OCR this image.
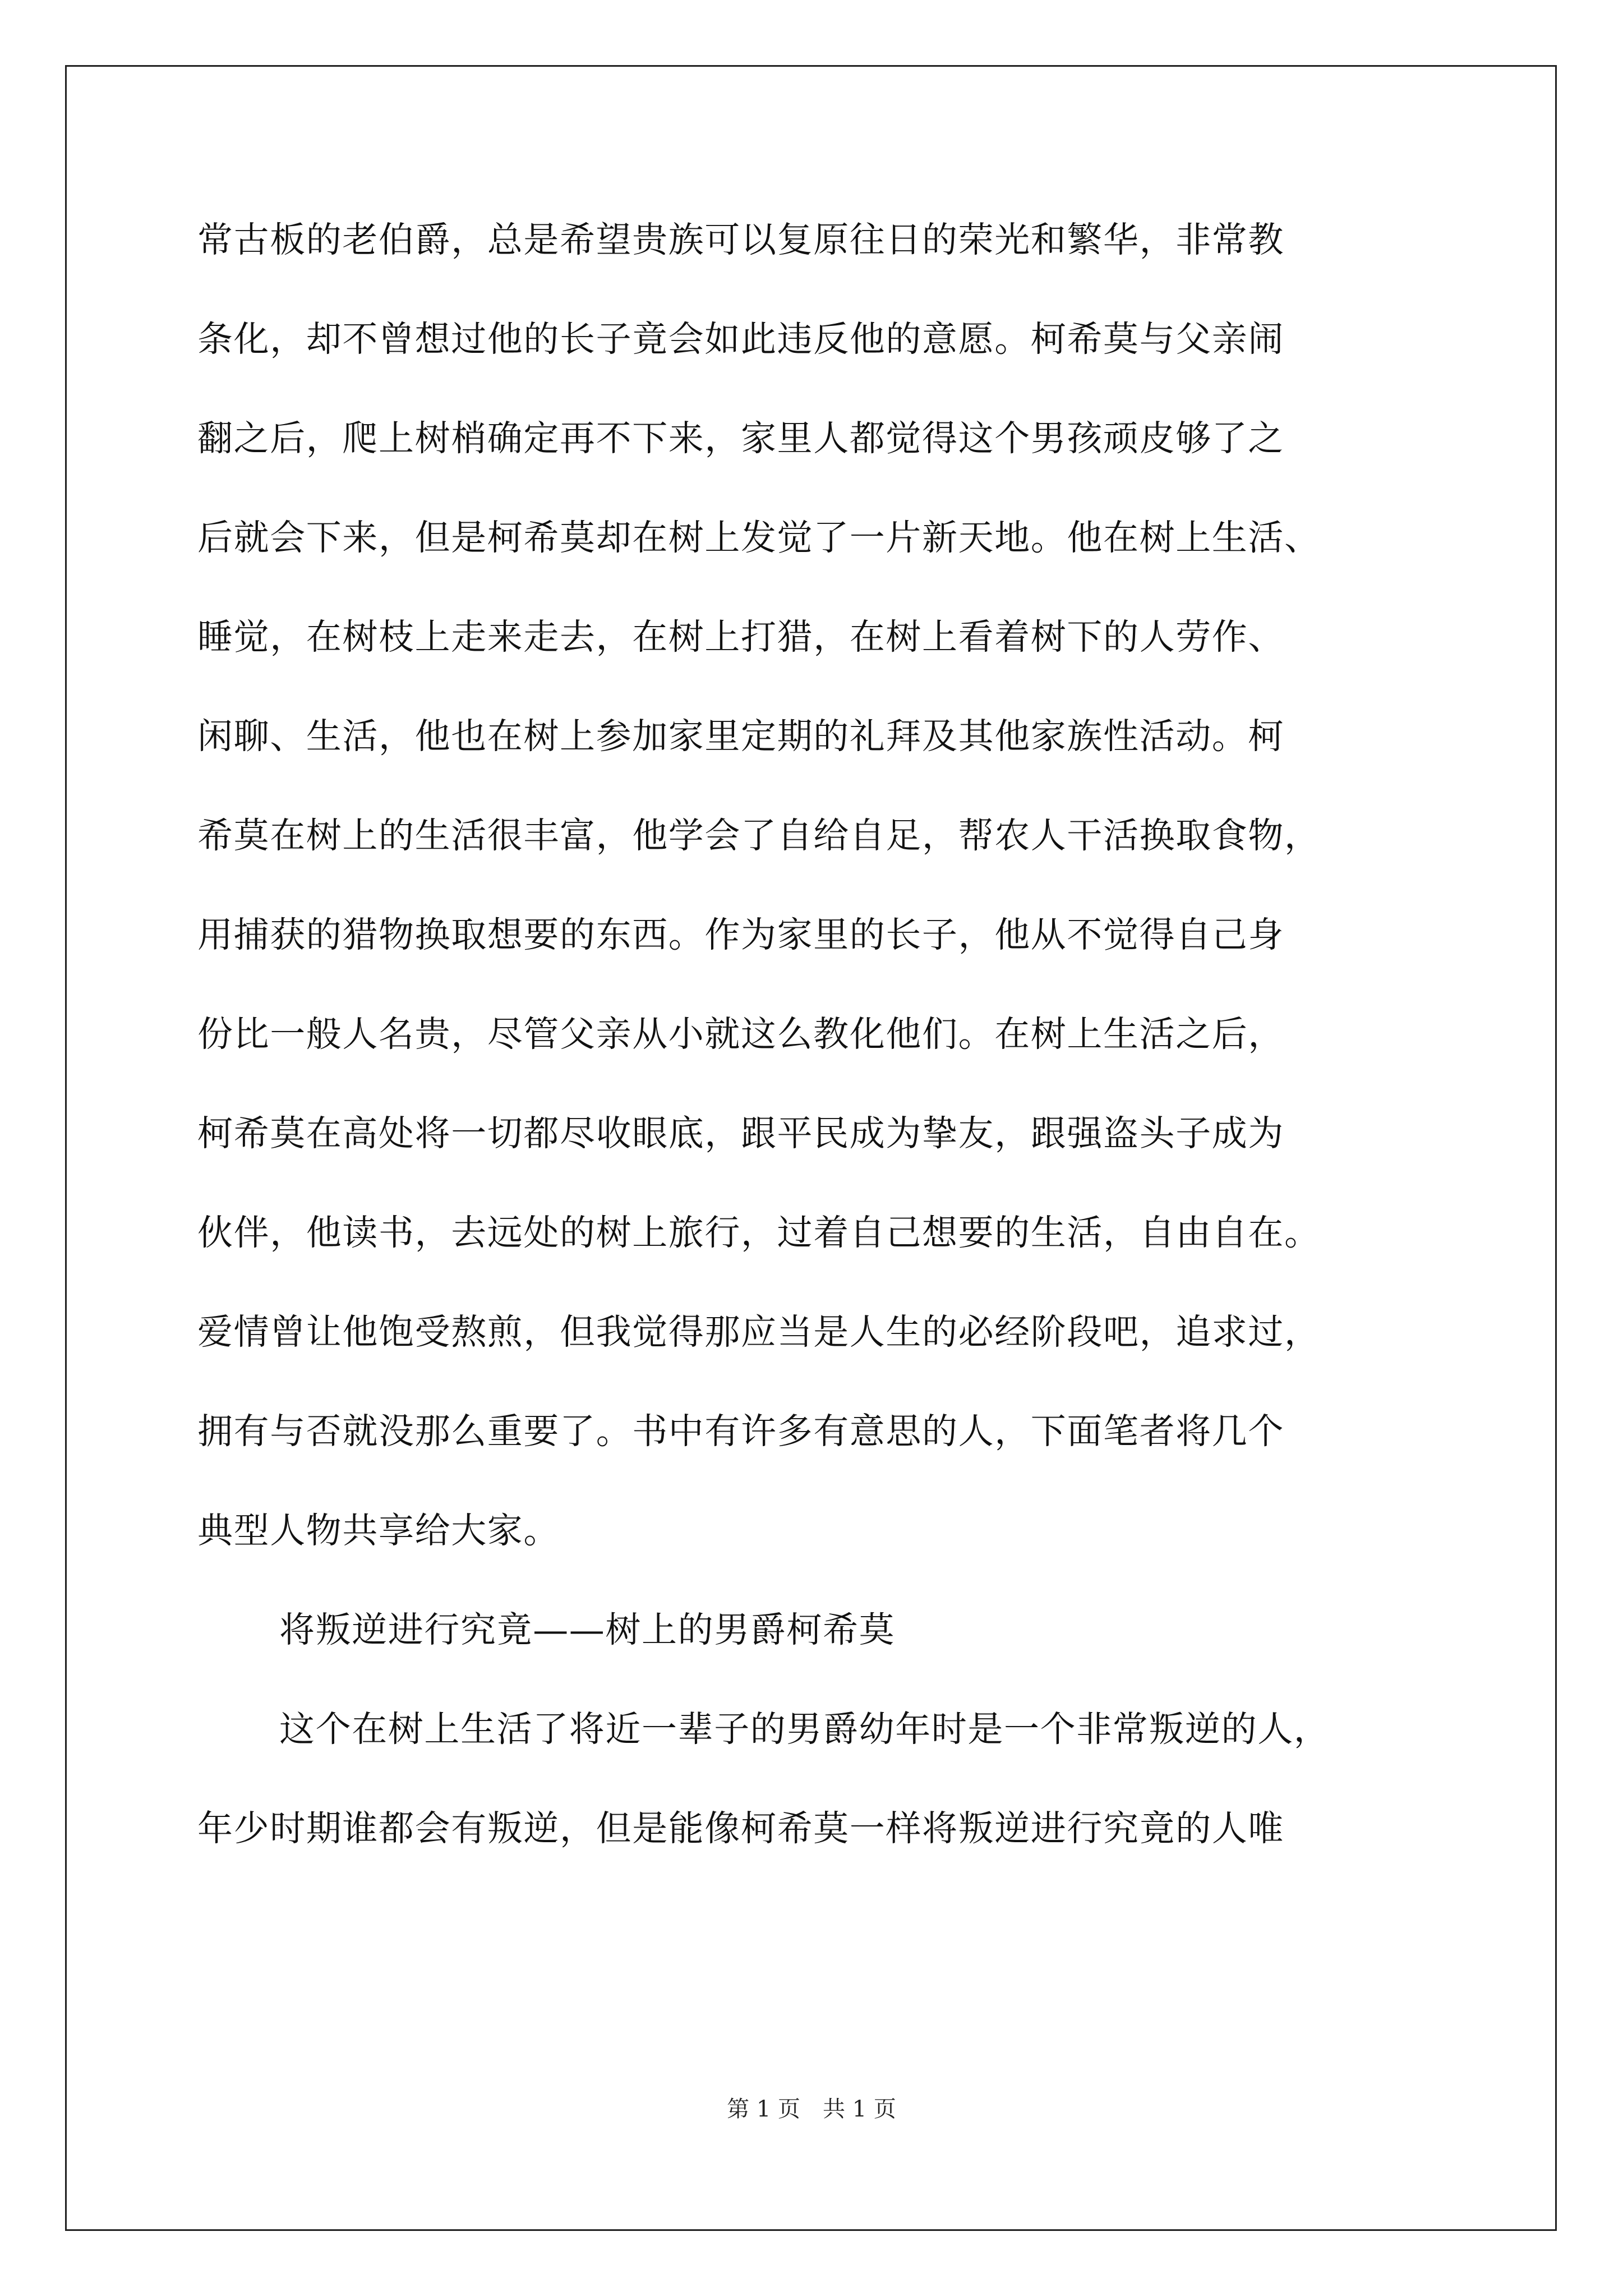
常古板的老伯爵，总是希望贵族可以复原往日的荣光和繁华，非常教
条化，却不曾想过他的长子竟会如此违反他的意愿。柯希莫与父亲闹
翻之后，爬上树梢确定再不下来，家里人都觉得这个男孩顽皮够了之
后就会下来，但是柯希莫却在树上发觉了一片新天地。他在树上生活、
睡觉，在树枝上走来走去，在树上打猎，在树上看着树下的人劳作、
闲聊、生活，他也在树上参加家里定期的礼拜及其他家族性活动。柯
希莫在树上的生活很丰富，他学会了自给自足，帮农人干活换取食物，
用捕获的猎物换取想要的东西。作为家里的长子，他从不觉得自己身
份比一般人名贵，尽管父亲从小就这么教化他们。在树上生活之后，
柯希莫在高处将一切都尽收眼底，跟平民成为挚友，跟强盗头子成为
伙伴，他读书，去远处的树上旅行，过着自己想要的生活，自由自在。
爱情曾让他饱受熬煎，但我觉得那应当是人生的必经阶段吧，追求过，
拥有与否就没那么重要了。书中有许多有意思的人，下面笔者将几个
典型人物共享给大家。
将叛逆进行究竟——树上的男爵柯希莫
这个在树上生活了将近一辈子的男爵幼年时是一个非常叛逆的人，
年少时期谁都会有叛逆，但是能像柯希莫一样将叛逆进行究竟的人唯
第 1 页　共 1 页
